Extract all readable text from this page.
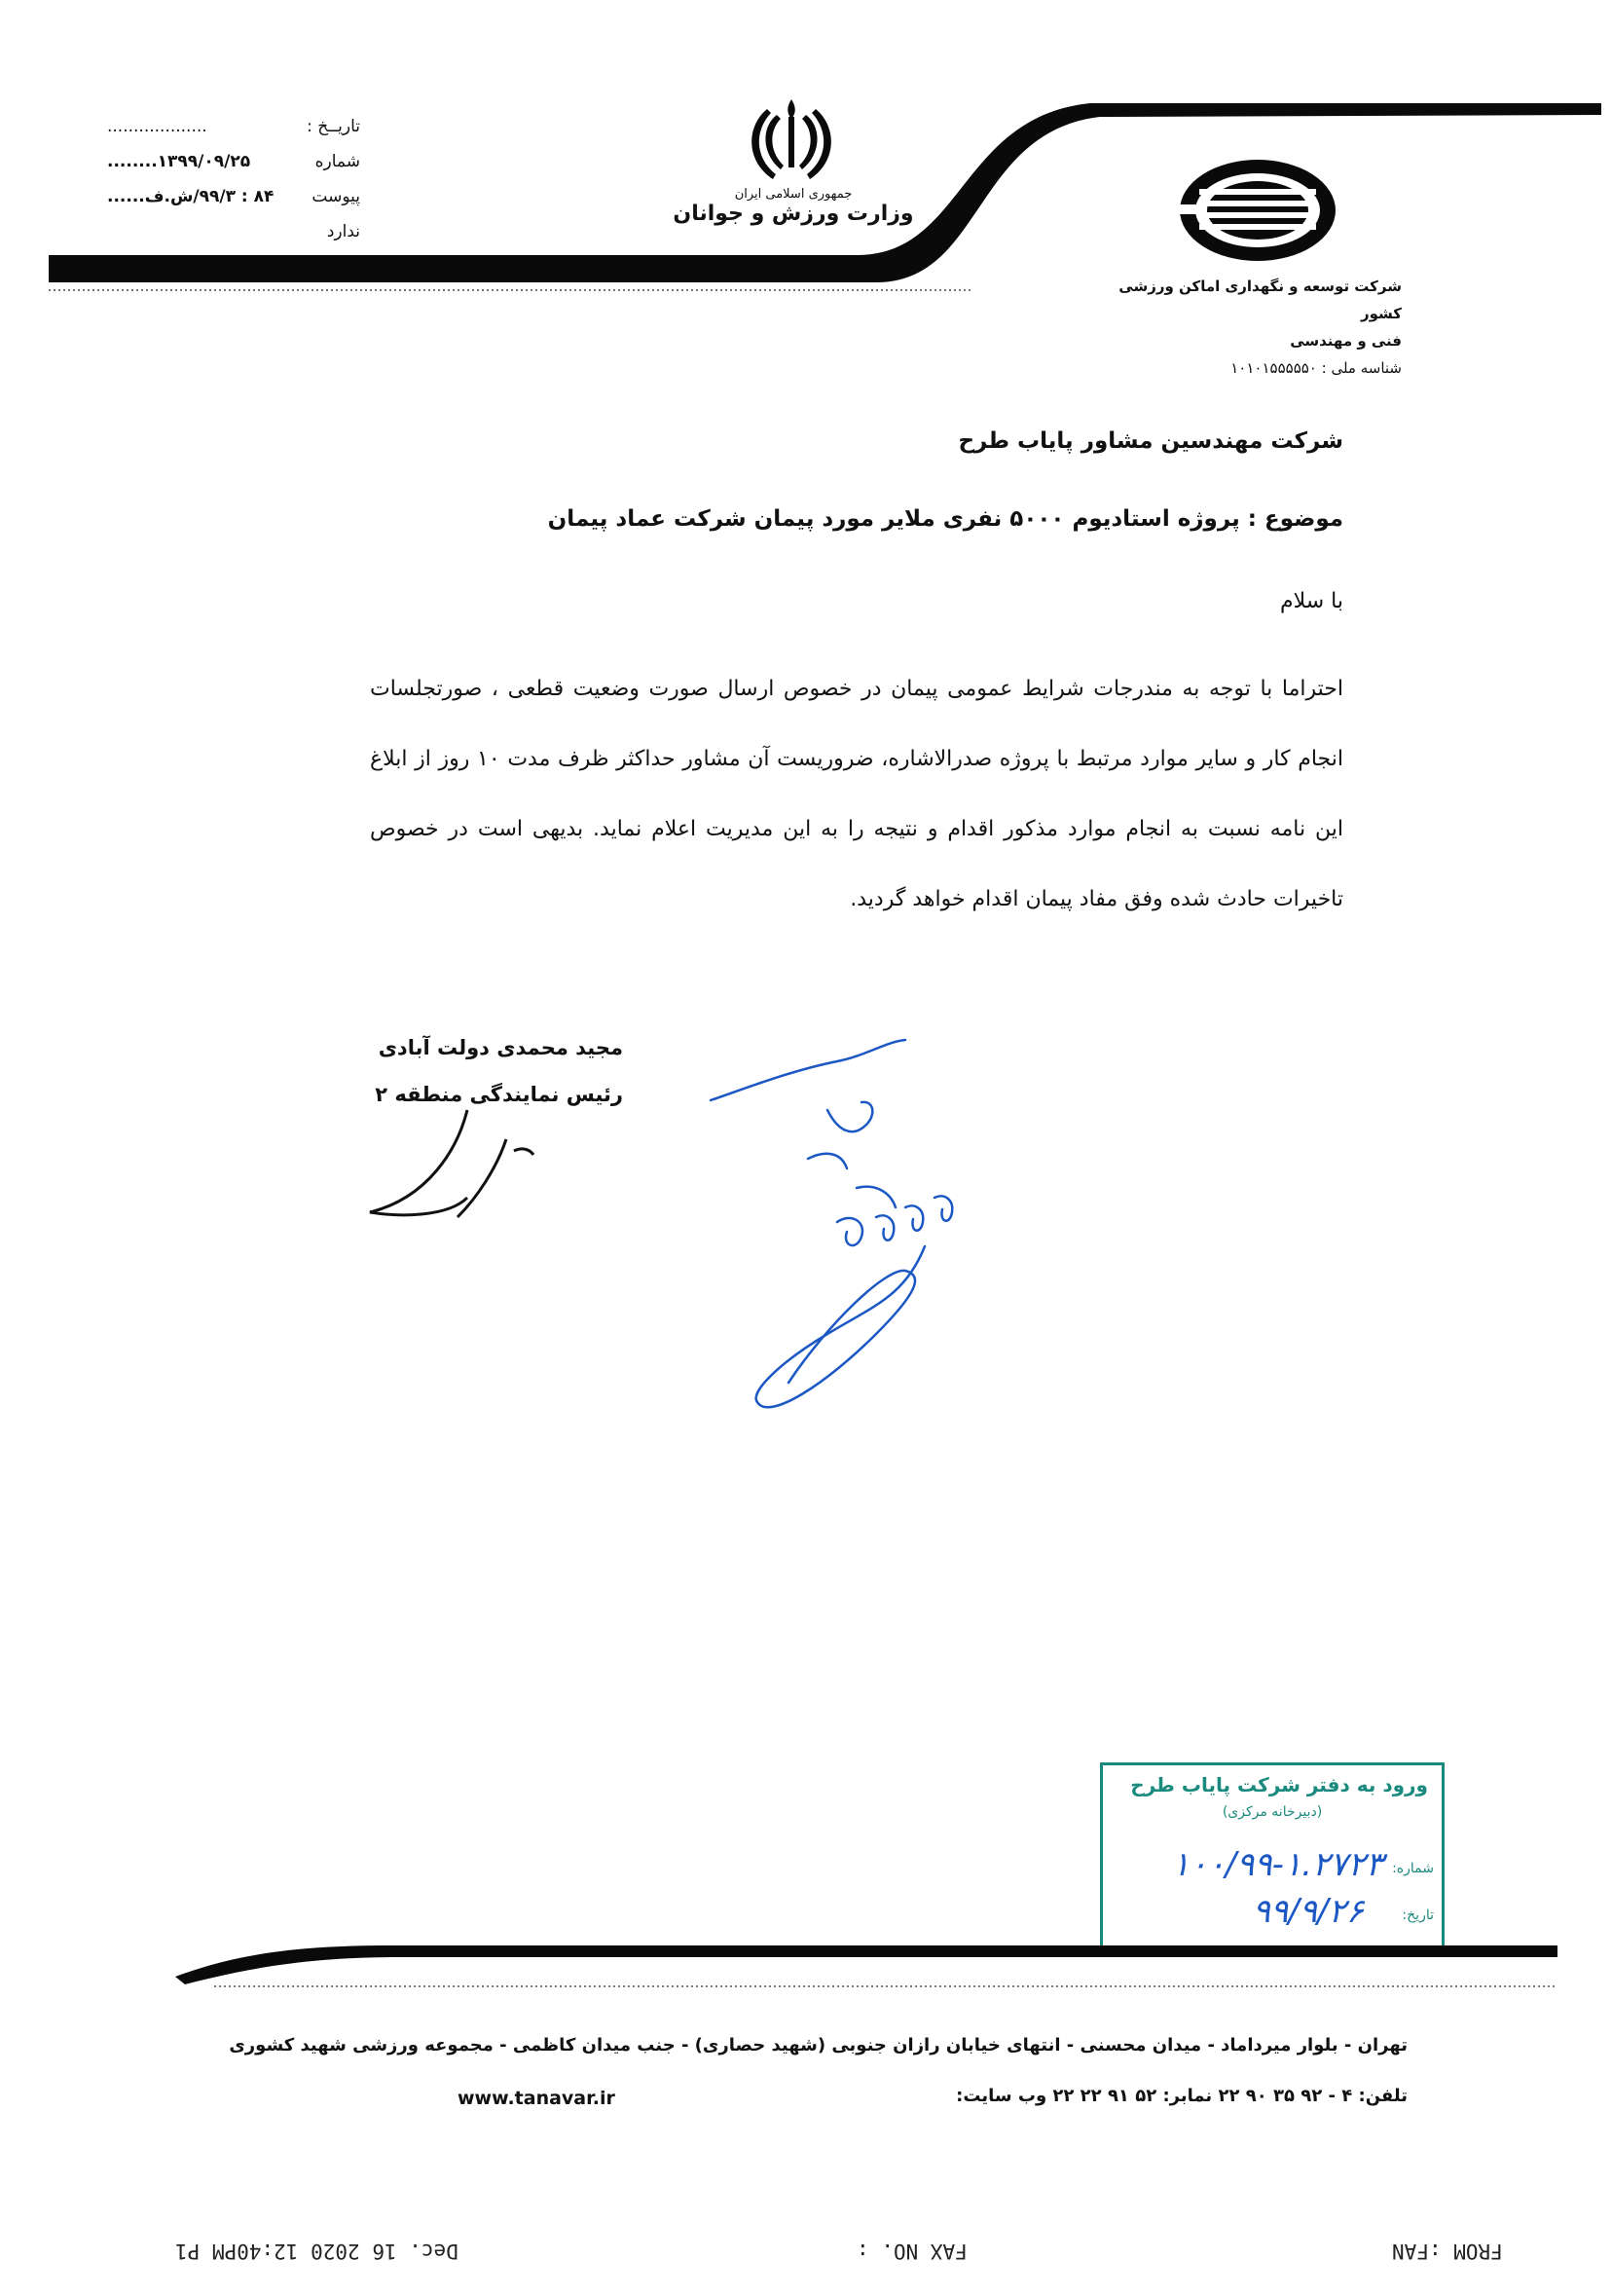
جمهوری اسلامی ایران
وزارت ورزش و جوانان
تاریــخ :
...................
شماره
۱۳۹۹/۰۹/۲۵........
پیوست
۸۴ : ۹۹/۳/ش.ف......
ندارد
شرکت توسعه و نگهداری اماکن ورزشی کشور
فنی و مهندسی
شناسه ملی : ۱۰۱۰۱۵۵۵۵۵۰
شرکت مهندسین مشاور پایاب طرح
موضوع : پروژه استادیوم ۵۰۰۰ نفری ملایر مورد پیمان شرکت عماد پیمان
با سلام
احتراما با توجه به مندرجات شرایط عمومی پیمان در خصوص ارسال صورت وضعیت قطعی ، صورتجلسات انجام کار و سایر موارد مرتبط با پروژه صدرالاشاره، ضروریست آن مشاور حداکثر ظرف مدت ۱۰ روز از ابلاغ این نامه نسبت به انجام موارد مذکور اقدام و نتیجه را به این مدیریت اعلام نماید. بدیهی است در خصوص تاخیرات حادث شده وفق مفاد پیمان اقدام خواهد گردید.
مجید محمدی دولت آبادی
رئیس نمایندگی منطقه ۲
ورود به دفتر شرکت پایاب طرح
(دبیرخانه مرکزی)
شماره:
تاریخ:
۱۰۰/۹۹-۱.۲۷۲۳
۹۹/۹/۲۶
تهران - بلوار میرداماد - میدان محسنی - انتهای خیابان رازان جنوبی (شهید حصاری) - جنب میدان کاظمی - مجموعه ورزشی شهید کشوری
تلفن: ۴ - ۹۲ ۳۵ ۹۰ ۲۲ نمابر: ۵۲ ۹۱ ۲۲ ۲۲ وب سایت:
www.tanavar.ir
FROM :FAN
FAX NO. :
Dec. 16 2020 12:40PM P1
